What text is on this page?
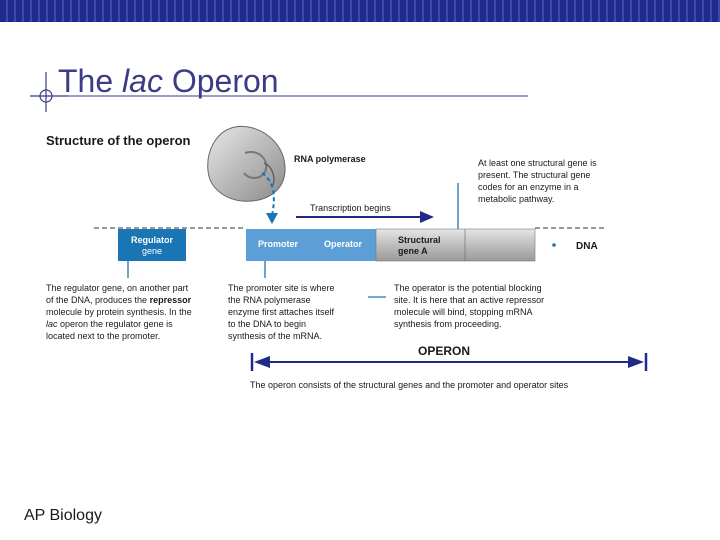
The lac Operon
Structure of the operon
RNA polymerase
Transcription begins
At least one structural gene is
present. The structural gene
codes for an enzyme in a
metabolic pathway.
Regulator
gene
Promoter	Operator	Structural
gene A	DNA
The regulator gene, on another part
of the DNA, produces the repressor
molecule by protein synthesis. In the
lac operon the regulator gene is
located next to the promoter.
The promoter site is where
the RNA polymerase
enzyme first attaches itself
to the DNA to begin
synthesis of the mRNA.
The operator is the potential blocking
site. It is here that an active repressor
molecule will bind, stopping mRNA
synthesis from proceeding.
OPERON
The operon consists of the structural genes and the promoter and operator sites
AP Biology
